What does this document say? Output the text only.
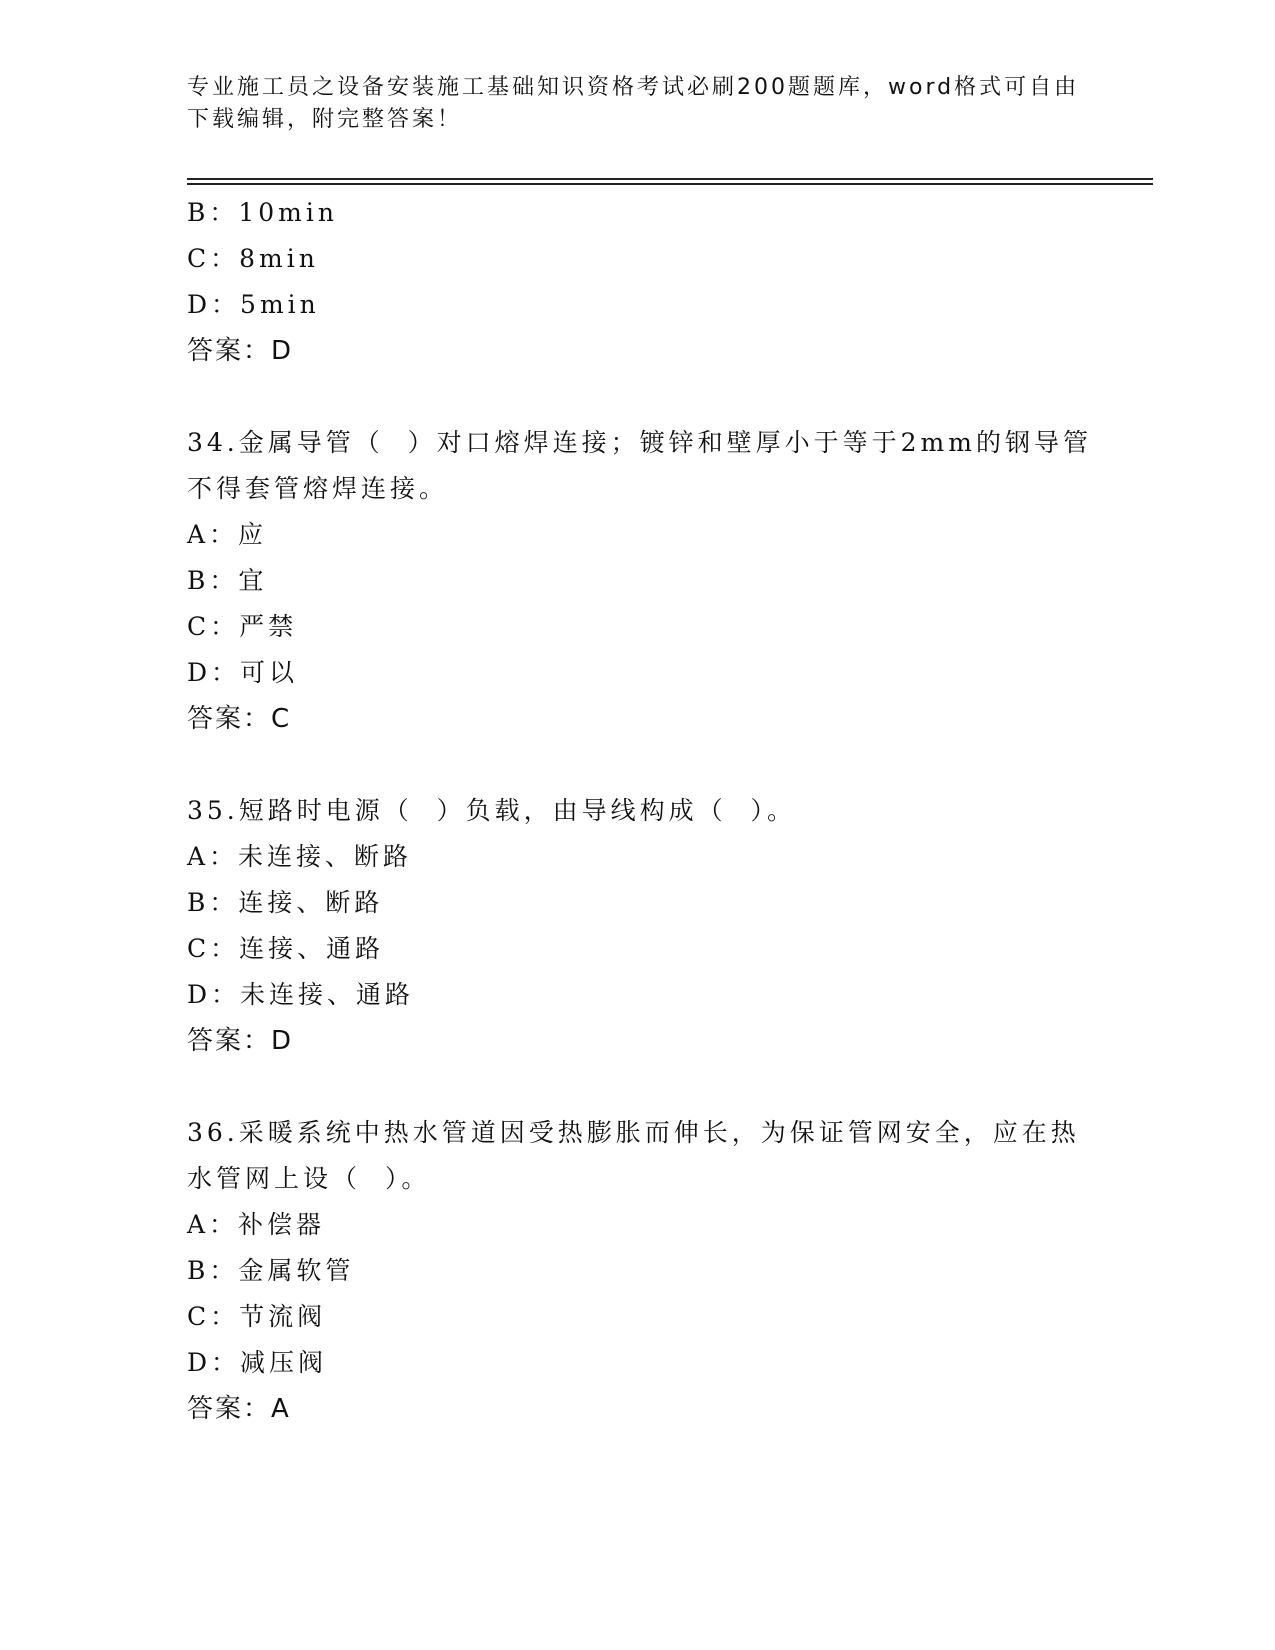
专业施工员之设备安装施工基础知识资格考试必刷200题题库，word格式可自由
下载编辑，附完整答案！
B：10min
C：8min
D：5min
答案：D
34.金属导管（  ）对口熔焊连接；镀锌和壁厚小于等于2mm的钢导管
不得套管熔焊连接。
A：应
B：宜
C：严禁
D：可以
答案：C
35.短路时电源（  ）负载，由导线构成（  ）。
A：未连接、断路
B：连接、断路
C：连接、通路
D：未连接、通路
答案：D
36.采暖系统中热水管道因受热膨胀而伸长，为保证管网安全，应在热
水管网上设（  ）。
A：补偿器
B：金属软管
C：节流阀
D：减压阀
答案：A
